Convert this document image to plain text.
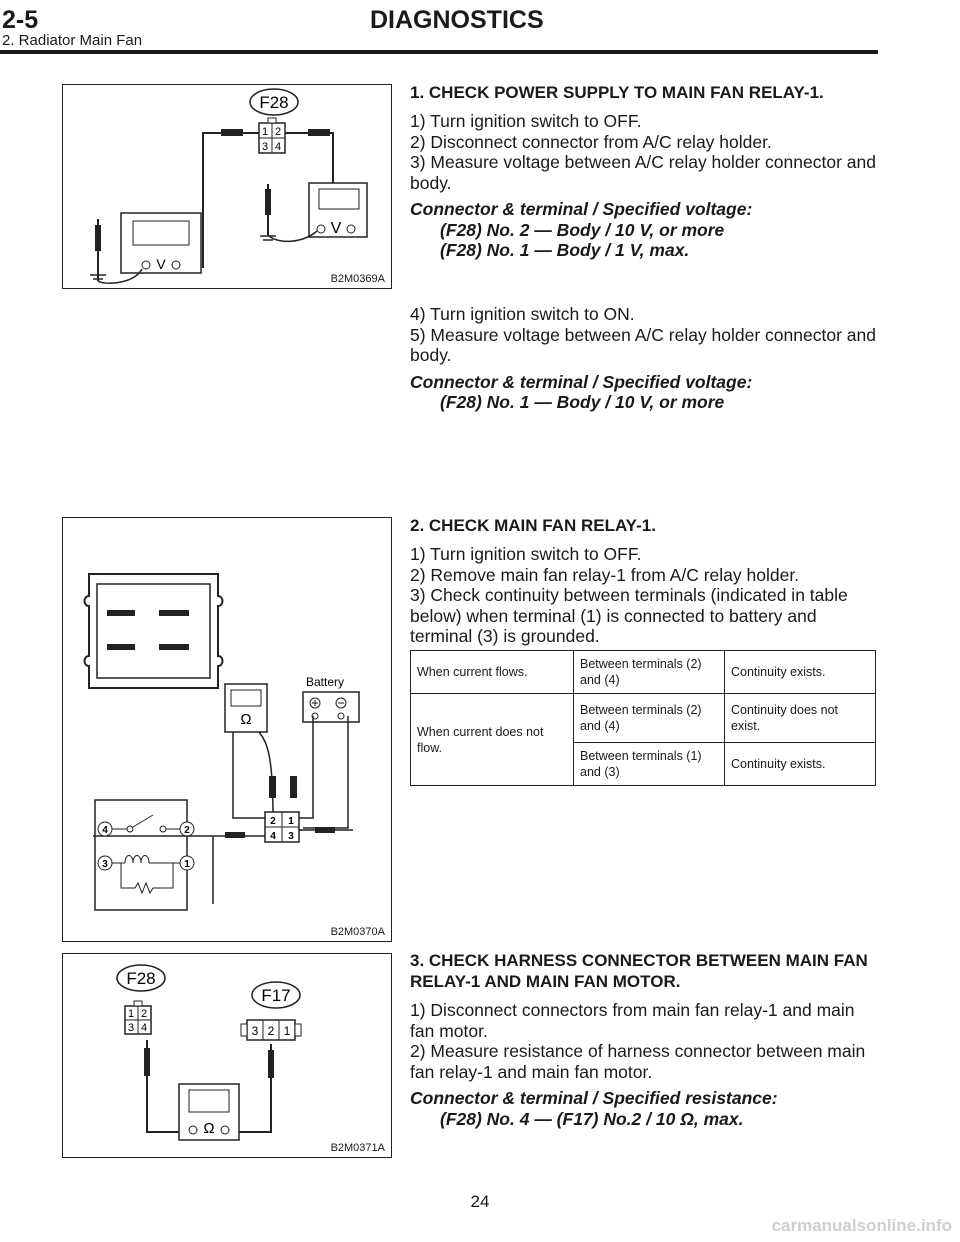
2-5	DIAGNOSTICS
2. Radiator Main Fan
F28
1 2
3 4
V
V
B2M0369A
1. CHECK POWER SUPPLY TO MAIN FAN RELAY-1.

1) Turn ignition switch to OFF.

2) Disconnect connector from A/C relay holder.

3) Measure voltage between A/C relay holder connector and body.

Connector & terminal / Specified voltage:

(F28) No. 2 — Body / 10 V, or more

(F28) No. 1 — Body / 1 V, max.

4) Turn ignition switch to ON.

5) Measure voltage between A/C relay holder connector and body.

Connector & terminal / Specified voltage:

(F28) No. 1 — Body / 10 V, or more

Battery
Ω
2 1
4 3
4	2
3	1
B2M0370A
2. CHECK MAIN FAN RELAY-1.

1) Turn ignition switch to OFF.

2) Remove main fan relay-1 from A/C relay holder.

3) Check continuity between terminals (indicated in table below) when terminal (1) is connected to battery and terminal (3) is grounded.

When current flows.	Between terminals (2) and (4)	Continuity exists.
When current does not flow.	Between terminals (2) and (4)	Continuity does not exist.
	Between terminals (1) and (3)	Continuity exists.
F28
1 2
3 4
F17
3 2 1
Ω
B2M0371A
3. CHECK HARNESS CONNECTOR BETWEEN MAIN FAN RELAY-1 AND MAIN FAN MOTOR.

1) Disconnect connectors from main fan relay-1 and main fan motor.

2) Measure resistance of harness connector between main fan relay-1 and main fan motor.

Connector & terminal / Specified resistance:

(F28) No. 4 — (F17) No.2 / 10 Ω, max.

24
carmanualsonline.info
